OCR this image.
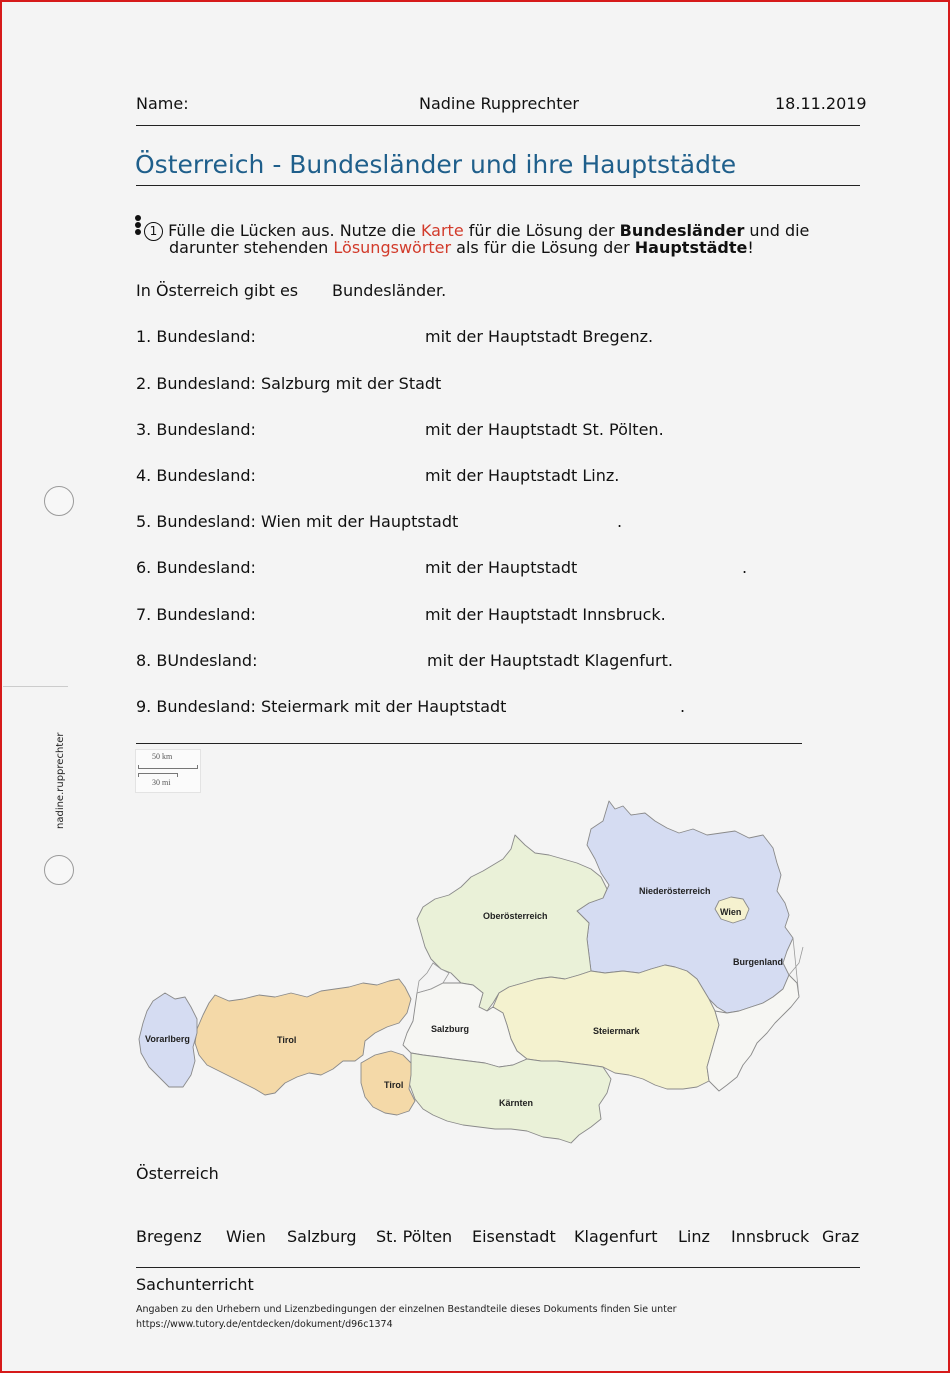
nadine.rupprechter
Name:	Nadine Rupprechter	18.11.2019
Österreich - Bundesländer und ihre Hauptstädte
1 Fülle die Lücken aus. Nutze die Karte für die Lösung der Bundesländer und die
darunter stehenden Lösungswörter als für die Lösung der Hauptstädte!
In Österreich gibt es Bundesländer.
1. Bundesland:	mit der Hauptstadt Bregenz.
2. Bundesland: Salzburg mit der Stadt
3. Bundesland:	mit der Hauptstadt St. Pölten.
4. Bundesland:	mit der Hauptstadt Linz.
5. Bundesland: Wien mit der Hauptstadt	.
6. Bundesland:	mit der Hauptstadt	.
7. Bundesland:	mit der Hauptstadt Innsbruck.
8. BUndesland:	mit der Hauptstadt Klagenfurt.
9. Bundesland: Steiermark mit der Hauptstadt	.
50 km
30 mi
Vorarlberg	Tirol
Tirol
Salzburg
Oberösterreich
Niederösterreich
Wien
Burgenland
Steiermark
Kärnten
Österreich
Bregenz Wien Salzburg St. Pölten Eisenstadt Klagenfurt Linz Innsbruck Graz
Sachunterricht
Angaben zu den Urhebern und Lizenzbedingungen der einzelnen Bestandteile dieses Dokuments finden Sie unter
https://www.tutory.de/entdecken/dokument/d96c1374
